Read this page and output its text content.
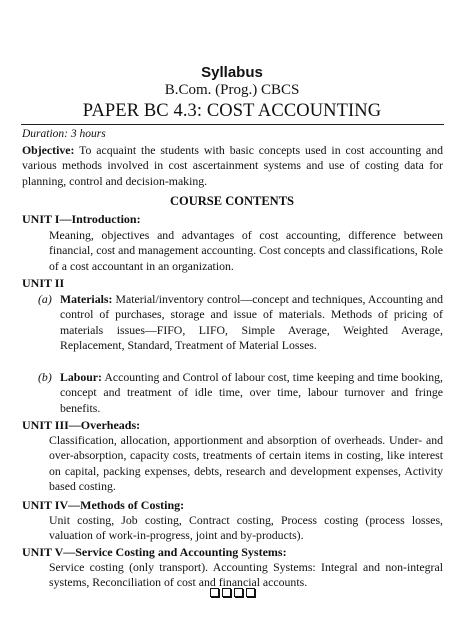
Syllabus
B.Com. (Prog.) CBCS
PAPER BC 4.3: COST ACCOUNTING
Duration: 3 hours
Objective: To acquaint the students with basic concepts used in cost accounting and various methods involved in cost ascertainment systems and use of costing data for planning, control and decision-making.
COURSE CONTENTS
UNIT I—Introduction:
Meaning, objectives and advantages of cost accounting, difference between financial, cost and management accounting. Cost concepts and classifications, Role of a cost accountant in an organization.
UNIT II
(a) Materials: Material/inventory control—concept and techniques, Accounting and control of purchases, storage and issue of materials. Methods of pricing of materials issues—FIFO, LIFO, Simple Average, Weighted Average, Replacement, Standard, Treatment of Material Losses.
(b) Labour: Accounting and Control of labour cost, time keeping and time booking, concept and treatment of idle time, over time, labour turnover and fringe benefits.
UNIT III—Overheads:
Classification, allocation, apportionment and absorption of overheads. Under- and over-absorption, capacity costs, treatments of certain items in costing, like interest on capital, packing expenses, debts, research and development expenses, Activity based costing.
UNIT IV—Methods of Costing:
Unit costing, Job costing, Contract costing, Process costing (process losses, valuation of work-in-progress, joint and by-products).
UNIT V—Service Costing and Accounting Systems:
Service costing (only transport). Accounting Systems: Integral and non-integral systems, Reconciliation of cost and financial accounts.
